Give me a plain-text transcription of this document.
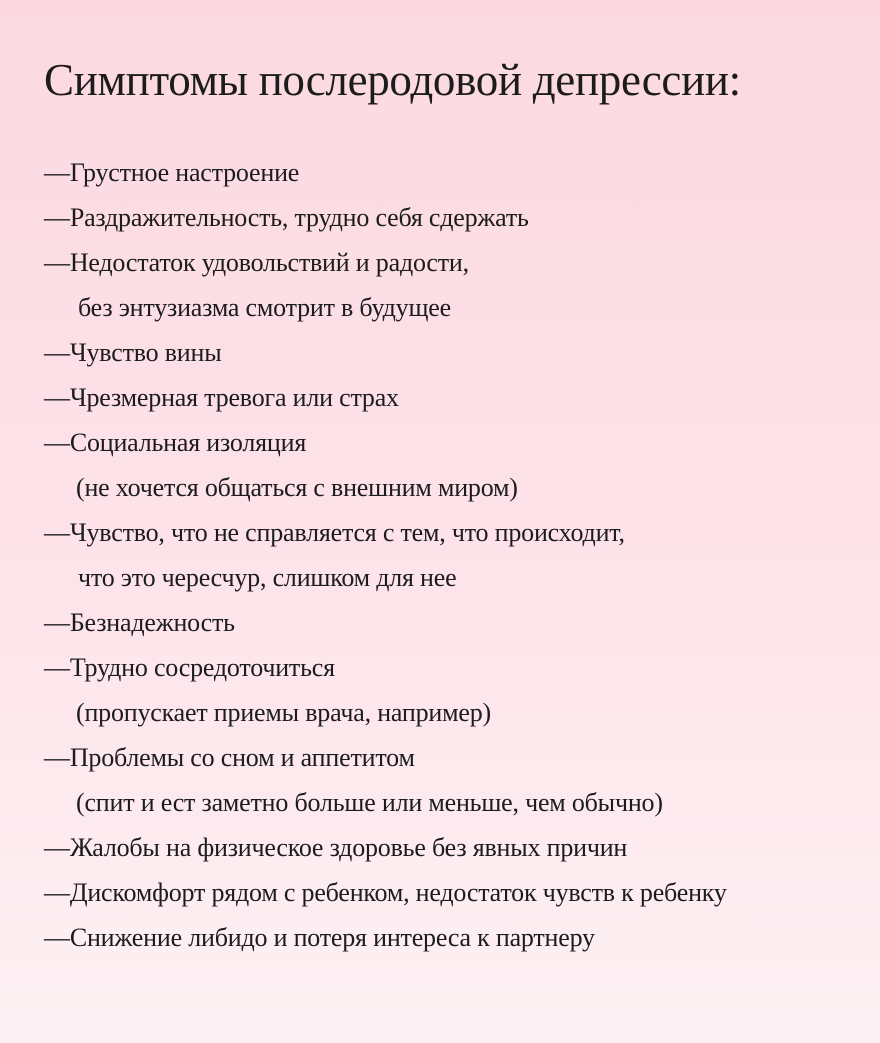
Симптомы послеродовой депрессии:
—Грустное настроение
—Раздражительность, трудно себя сдержать
—Недостаток удовольствий и радости,
без энтузиазма смотрит в будущее
—Чувство вины
—Чрезмерная тревога или страх
—Социальная изоляция
(не хочется общаться с внешним миром)
—Чувство, что не справляется с тем, что происходит,
что это чересчур, слишком для нее
—Безнадежность
—Трудно сосредоточиться
(пропускает приемы врача, например)
—Проблемы со сном и аппетитом
(спит и ест заметно больше или меньше, чем обычно)
—Жалобы на физическое здоровье без явных причин
—Дискомфорт рядом с ребенком, недостаток чувств к ребенку
—Снижение либидо и потеря интереса к партнеру
